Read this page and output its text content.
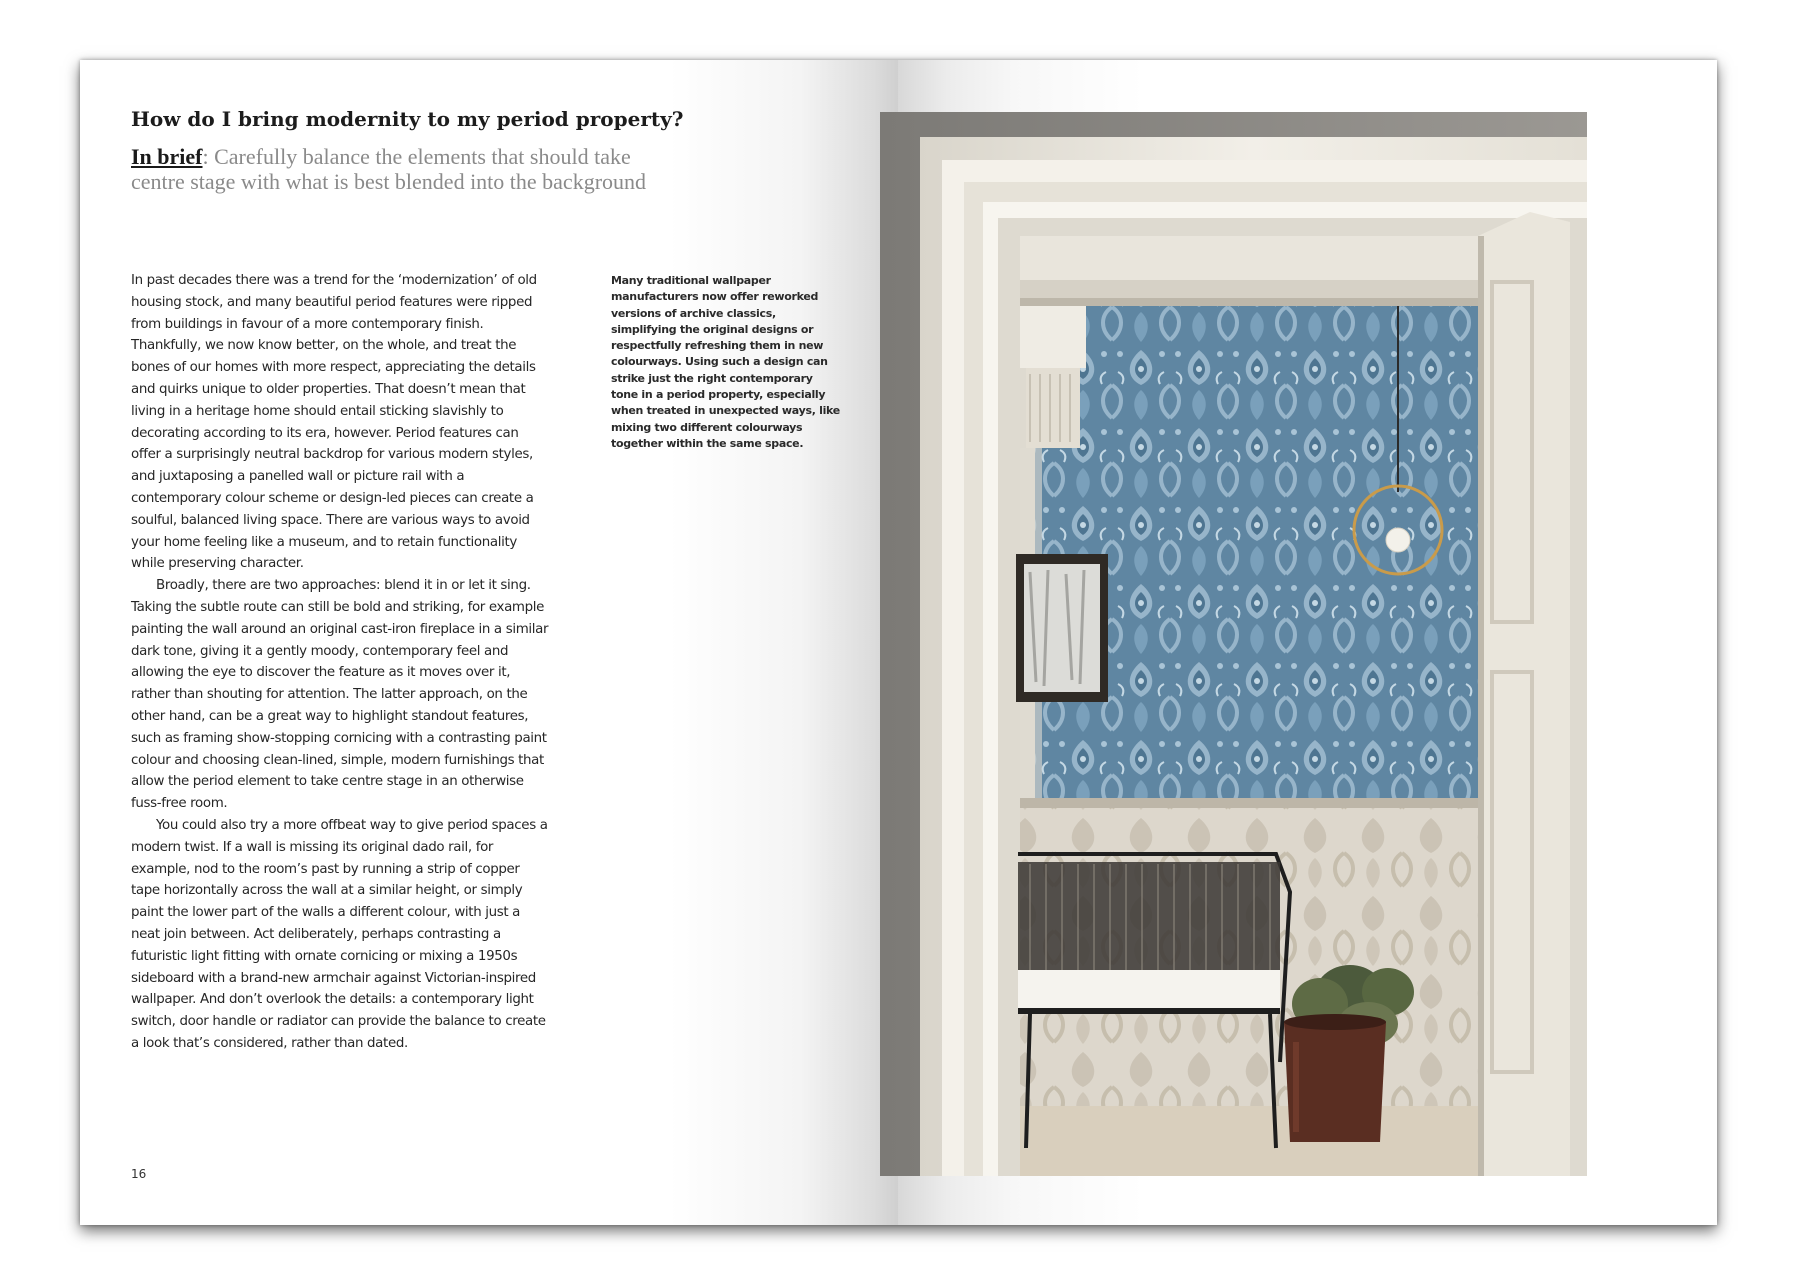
How do I bring modernity to my period property?
In brief: Carefully balance the elements that should take centre stage with what is best blended into the background

In past decades there was a trend for the ‘modernization’ of old housing stock, and many beautiful period features were ripped from buildings in favour of a more contemporary finish. Thankfully, we now know better, on the whole, and treat the bones of our homes with more respect, appreciating the details and quirks unique to older properties. That doesn’t mean that living in a heritage home should entail sticking slavishly to decorating according to its era, however. Period features can offer a surprisingly neutral backdrop for various modern styles, and juxtaposing a panelled wall or picture rail with a contemporary colour scheme or design-led pieces can create a soulful, balanced living space. There are various ways to avoid your home feeling like a museum, and to retain functionality while preserving character.

Broadly, there are two approaches: blend it in or let it sing. Taking the subtle route can still be bold and striking, for example painting the wall around an original cast-iron fireplace in a similar dark tone, giving it a gently moody, contemporary feel and allowing the eye to discover the feature as it moves over it, rather than shouting for attention. The latter approach, on the other hand, can be a great way to highlight standout features, such as framing show-stopping cornicing with a contrasting paint colour and choosing clean-lined, simple, modern furnishings that allow the period element to take centre stage in an otherwise fuss-free room.

You could also try a more offbeat way to give period spaces a modern twist. If a wall is missing its original dado rail, for example, nod to the room’s past by running a strip of copper tape horizontally across the wall at a similar height, or simply paint the lower part of the walls a different colour, with just a neat join between. Act deliberately, perhaps contrasting a futuristic light fitting with ornate cornicing or mixing a 1950s sideboard with a brand-new armchair against Victorian-inspired wallpaper. And don’t overlook the details: a contemporary light switch, door handle or radiator can provide the balance to create a look that’s considered, rather than dated.

Many traditional wallpaper manufacturers now offer reworked versions of archive classics, simplifying the original designs or respectfully refreshing them in new colourways. Using such a design can strike just the right contemporary tone in a period property, especially when treated in unexpected ways, like mixing two different colourways together within the same space.
16
